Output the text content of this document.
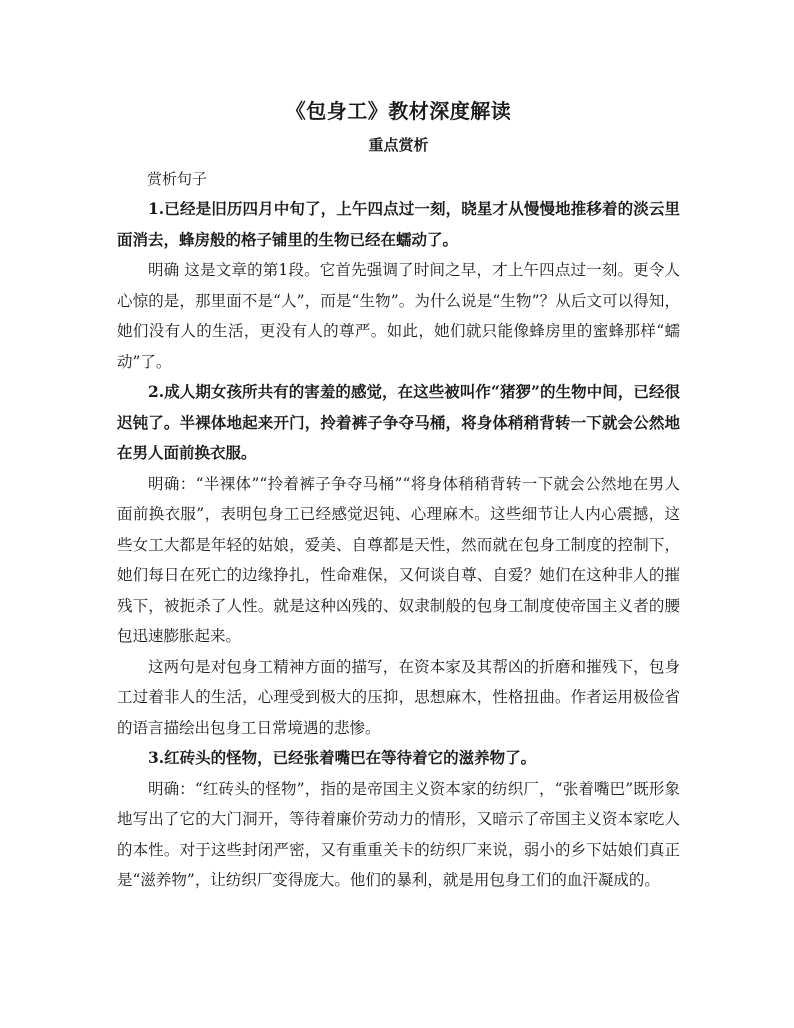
《包身工》教材深度解读
重点赏析

赏析句子

1.已经是旧历四月中旬了，上午四点过一刻，晓星才从慢慢地推移着的淡云里面消去，蜂房般的格子铺里的生物已经在蠕动了。

明确 这是文章的第1段。它首先强调了时间之早，才上午四点过一刻。更令人心惊的是，那里面不是“人”，而是“生物”。为什么说是“生物”？从后文可以得知，她们没有人的生活，更没有人的尊严。如此，她们就只能像蜂房里的蜜蜂那样“蠕动”了。

2.成人期女孩所共有的害羞的感觉，在这些被叫作“猪猡”的生物中间，已经很迟钝了。半裸体地起来开门，拎着裤子争夺马桶，将身体稍稍背转一下就会公然地在男人面前换衣服。

明确：“半裸体”“拎着裤子争夺马桶”“将身体稍稍背转一下就会公然地在男人面前换衣服”，表明包身工已经感觉迟钝、心理麻木。这些细节让人内心震撼，这些女工大都是年轻的姑娘，爱美、自尊都是天性，然而就在包身工制度的控制下，她们每日在死亡的边缘挣扎，性命难保，又何谈自尊、自爱？她们在这种非人的摧残下，被扼杀了人性。就是这种凶残的、奴隶制般的包身工制度使帝国主义者的腰包迅速膨胀起来。

这两句是对包身工精神方面的描写，在资本家及其帮凶的折磨和摧残下，包身工过着非人的生活，心理受到极大的压抑，思想麻木，性格扭曲。作者运用极俭省的语言描绘出包身工日常境遇的悲惨。

3.红砖头的怪物，已经张着嘴巴在等待着它的滋养物了。

明确：“红砖头的怪物”，指的是帝国主义资本家的纺织厂，“张着嘴巴”既形象地写出了它的大门洞开，等待着廉价劳动力的情形，又暗示了帝国主义资本家吃人的本性。对于这些封闭严密，又有重重关卡的纺织厂来说，弱小的乡下姑娘们真正是“滋养物”，让纺织厂变得庞大。他们的暴利，就是用包身工们的血汗凝成的。
